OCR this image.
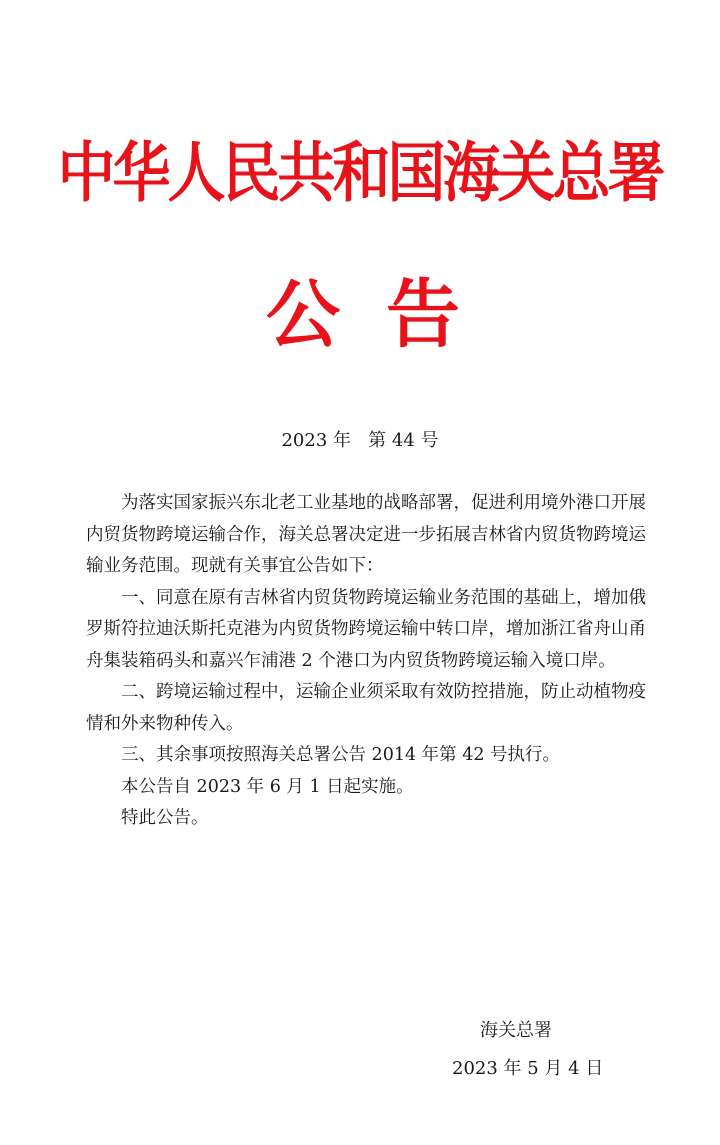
中华人民共和国海关总署
公 告
2023 年   第 44 号

为落实国家振兴东北老工业基地的战略部署，促进利用境外港口开展内贸货物跨境运输合作，海关总署决定进一步拓展吉林省内贸货物跨境运输业务范围。现就有关事宜公告如下：

一、同意在原有吉林省内贸货物跨境运输业务范围的基础上，增加俄罗斯符拉迪沃斯托克港为内贸货物跨境运输中转口岸，增加浙江省舟山甬舟集装箱码头和嘉兴乍浦港 2 个港口为内贸货物跨境运输入境口岸。

二、跨境运输过程中，运输企业须采取有效防控措施，防止动植物疫情和外来物种传入。

三、其余事项按照海关总署公告 2014 年第 42 号执行。

本公告自 2023 年 6 月 1 日起实施。

特此公告。

海关总署
2023 年 5 月 4 日
